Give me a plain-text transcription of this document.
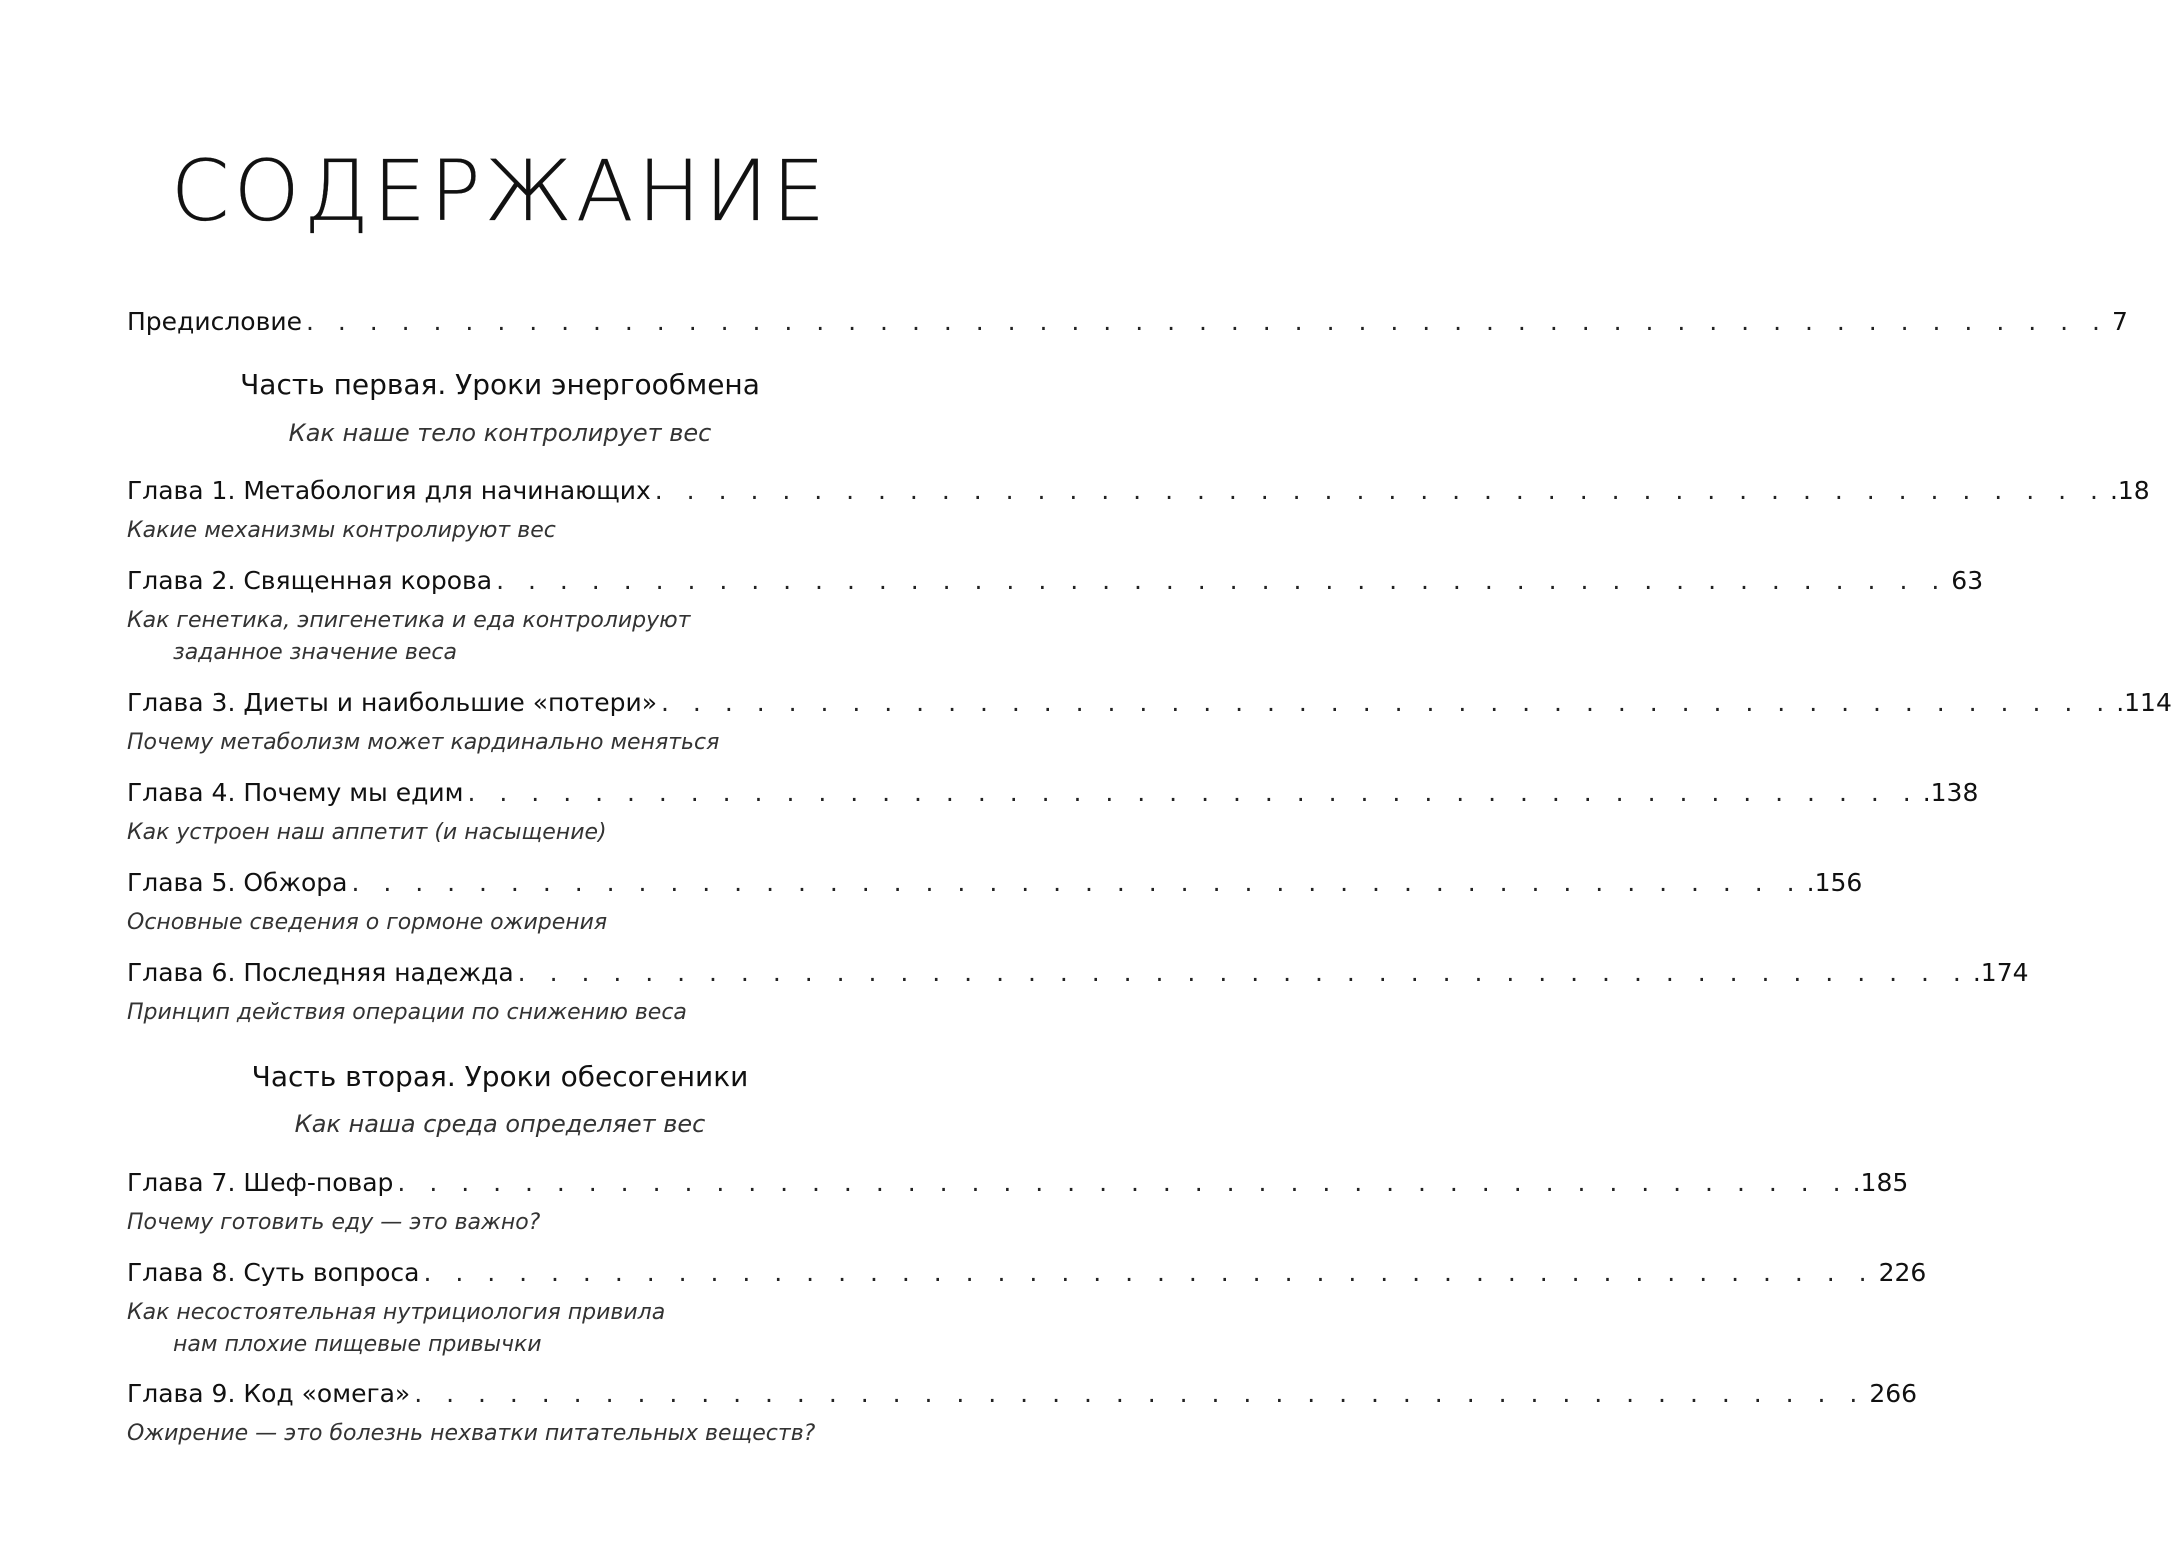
СОДЕРЖАНИЕ
Предисловие . . . . . . . . . . . . . . . . . . . . . . . . . . . . . . . . . . . . . . . . . . . . . . . . . . . . . . . . . 7
Часть первая. Уроки энергообмена
Как наше тело контролирует вес
Глава 1. Метабология для начинающих . . . . . . . . . . . . . . . . . . . . . . . . . . . . . . . . . . . . . . . . . . . . . . .18
Какие механизмы контролируют вес
Глава 2. Священная корова . . . . . . . . . . . . . . . . . . . . . . . . . . . . . . . . . . . . . . . . . . . . . . 63
Как генетика, эпигенетика и еда контролируют
заданное значение веса
Глава 3. Диеты и наибольшие «потери» . . . . . . . . . . . . . . . . . . . . . . . . . . . . . . . . . . . . . . . . . . . . . . .114
Почему метаболизм может кардинально меняться
Глава 4. Почему мы едим . . . . . . . . . . . . . . . . . . . . . . . . . . . . . . . . . . . . . . . . . . . . . . .138
Как устроен наш аппетит (и насыщение)
Глава 5. Обжора . . . . . . . . . . . . . . . . . . . . . . . . . . . . . . . . . . . . . . . . . . . . . . .156
Основные сведения о гормоне ожирения
Глава 6. Последняя надежда . . . . . . . . . . . . . . . . . . . . . . . . . . . . . . . . . . . . . . . . . . . . . . .174
Принцип действия операции по снижению веса
Часть вторая. Уроки обесогеники
Как наша среда определяет вес
Глава 7. Шеф-повар . . . . . . . . . . . . . . . . . . . . . . . . . . . . . . . . . . . . . . . . . . . . . . .185
Почему готовить еду — это важно?
Глава 8. Суть вопроса . . . . . . . . . . . . . . . . . . . . . . . . . . . . . . . . . . . . . . . . . . . . . . 226
Как несостоятельная нутрициология привила
нам плохие пищевые привычки
Глава 9. Код «омега» . . . . . . . . . . . . . . . . . . . . . . . . . . . . . . . . . . . . . . . . . . . . . . 266
Ожирение — это болезнь нехватки питательных веществ?
